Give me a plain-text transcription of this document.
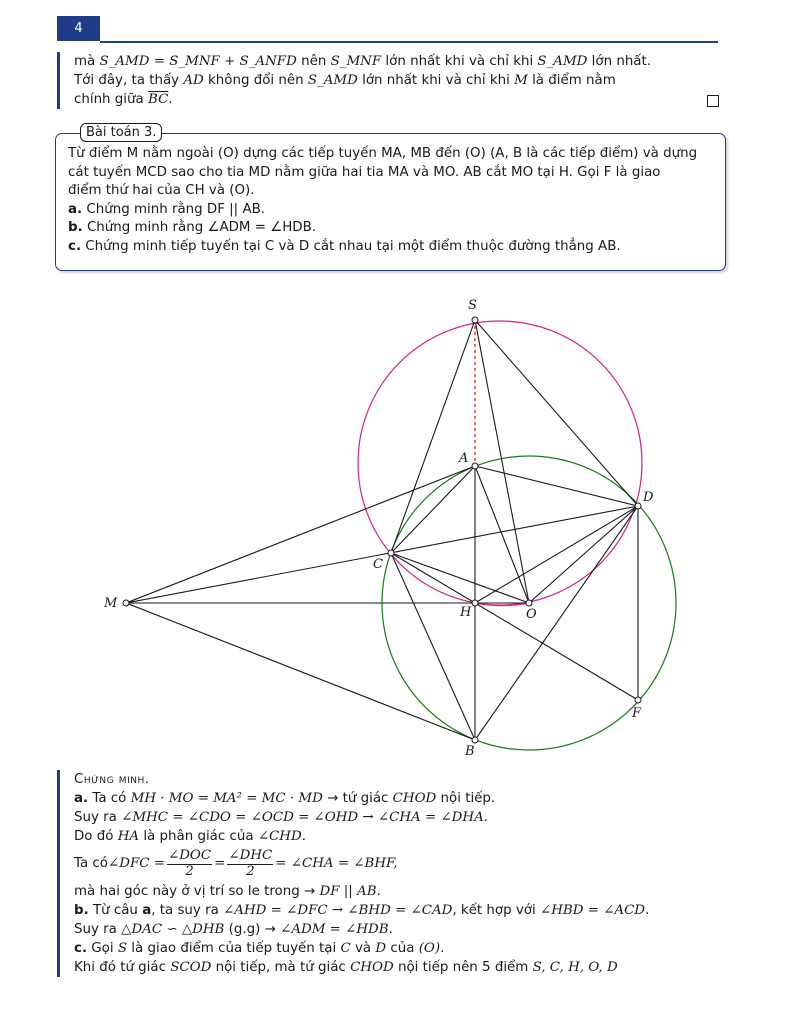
4
mà S_AMD = S_MNF + S_ANFD nên S_MNF lớn nhất khi và chỉ khi S_AMD lớn nhất.
Tới đây, ta thấy AD không đổi nên S_AMD lớn nhất khi và chỉ khi M là điểm nằm
chính giữa $\overline{BC}$.
Bài toán 3.
Từ điểm M nằm ngoài (O) dựng các tiếp tuyến MA, MB đến (O) (A, B là các tiếp điểm) và dựng
cát tuyến MCD sao cho tia MD nằm giữa hai tia MA và MO. AB cắt MO tại H. Gọi F là giao
điểm thứ hai của CH và (O).
a. Chứng minh rằng DF || AB.
b. Chứng minh rằng ∠ADM = ∠HDB.
c. Chứng minh tiếp tuyến tại C và D cắt nhau tại một điểm thuộc đường thẳng AB.
S
A
D
C
M
H	O
F
B
Chứng minh.
a. Ta có MH · MO = MA² = MC · MD → tứ giác CHOD nội tiếp.
Suy ra ∠MHC = ∠CDO = ∠OCD = ∠OHD → ∠CHA = ∠DHA.
Do đó HA là phân giác của ∠CHD.
Ta có ∠DFC = $\frac{\text{∠DOC}}{2} = \frac{\text{∠DHC}}{2}$ = ∠CHA = ∠BHF,
mà hai góc này ở vị trí so le trong → DF || AB.
b. Từ câu a, ta suy ra ∠AHD = ∠DFC → ∠BHD = ∠CAD, kết hợp với ∠HBD = ∠ACD.
Suy ra △DAC ∽ △DHB (g.g) → ∠ADM = ∠HDB.
c. Gọi S là giao điểm của tiếp tuyến tại C và D của (O).
Khi đó tứ giác SCOD nội tiếp, mà tứ giác CHOD nội tiếp nên 5 điểm S, C, H, O, D
